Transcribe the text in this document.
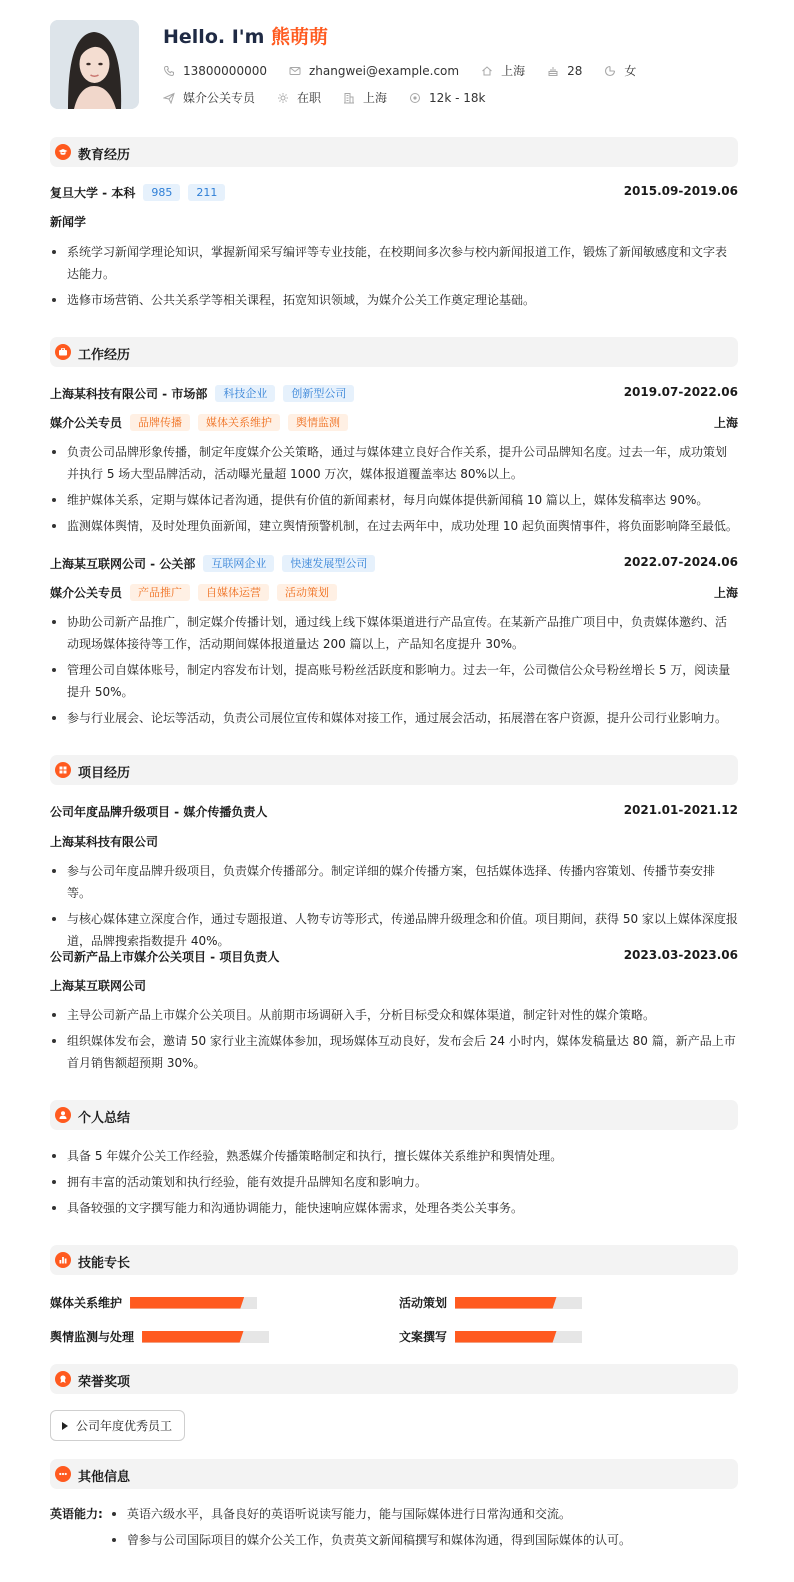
Hello. I'm 熊萌萌
13800000000	zhangwei@example.com	上海	28	女
媒介公关专员	在职	上海	12k - 18k
教育经历
复旦大学 - 本科	985	211	2015.09-2019.06
新闻学
系统学习新闻学理论知识，掌握新闻采写编评等专业技能，在校期间多次参与校内新闻报道工作，锻炼了新闻敏感度和文字表达能力。
选修市场营销、公共关系学等相关课程，拓宽知识领域，为媒介公关工作奠定理论基础。
工作经历
上海某科技有限公司 - 市场部	科技企业	创新型公司	2019.07-2022.06
媒介公关专员	品牌传播	媒体关系维护	舆情监测	上海
负责公司品牌形象传播，制定年度媒介公关策略，通过与媒体建立良好合作关系，提升公司品牌知名度。过去一年，成功策划并执行 5 场大型品牌活动，活动曝光量超 1000 万次，媒体报道覆盖率达 80%以上。
维护媒体关系，定期与媒体记者沟通，提供有价值的新闻素材，每月向媒体提供新闻稿 10 篇以上，媒体发稿率达 90%。
监测媒体舆情，及时处理负面新闻，建立舆情预警机制，在过去两年中，成功处理 10 起负面舆情事件，将负面影响降至最低。
上海某互联网公司 - 公关部	互联网企业	快速发展型公司	2022.07-2024.06
媒介公关专员	产品推广	自媒体运营	活动策划	上海
协助公司新产品推广，制定媒介传播计划，通过线上线下媒体渠道进行产品宣传。在某新产品推广项目中，负责媒体邀约、活动现场媒体接待等工作，活动期间媒体报道量达 200 篇以上，产品知名度提升 30%。
管理公司自媒体账号，制定内容发布计划，提高账号粉丝活跃度和影响力。过去一年，公司微信公众号粉丝增长 5 万，阅读量提升 50%。
参与行业展会、论坛等活动，负责公司展位宣传和媒体对接工作，通过展会活动，拓展潜在客户资源，提升公司行业影响力。
项目经历
公司年度品牌升级项目 - 媒介传播负责人	2021.01-2021.12
上海某科技有限公司
参与公司年度品牌升级项目，负责媒介传播部分。制定详细的媒介传播方案，包括媒体选择、传播内容策划、传播节奏安排等。
与核心媒体建立深度合作，通过专题报道、人物专访等形式，传递品牌升级理念和价值。项目期间，获得 50 家以上媒体深度报道，品牌搜索指数提升 40%。
公司新产品上市媒介公关项目 - 项目负责人	2023.03-2023.06
上海某互联网公司
主导公司新产品上市媒介公关项目。从前期市场调研入手，分析目标受众和媒体渠道，制定针对性的媒介策略。
组织媒体发布会，邀请 50 家行业主流媒体参加，现场媒体互动良好，发布会后 24 小时内，媒体发稿量达 80 篇，新产品上市首月销售额超预期 30%。
个人总结
具备 5 年媒介公关工作经验，熟悉媒介传播策略制定和执行，擅长媒体关系维护和舆情处理。
拥有丰富的活动策划和执行经验，能有效提升品牌知名度和影响力。
具备较强的文字撰写能力和沟通协调能力，能快速响应媒体需求，处理各类公关事务。
技能专长
媒体关系维护	活动策划
舆情监测与处理	文案撰写
荣誉奖项
公司年度优秀员工
其他信息
英语能力:	英语六级水平，具备良好的英语听说读写能力，能与国际媒体进行日常沟通和交流。
曾参与公司国际项目的媒介公关工作，负责英文新闻稿撰写和媒体沟通，得到国际媒体的认可。
